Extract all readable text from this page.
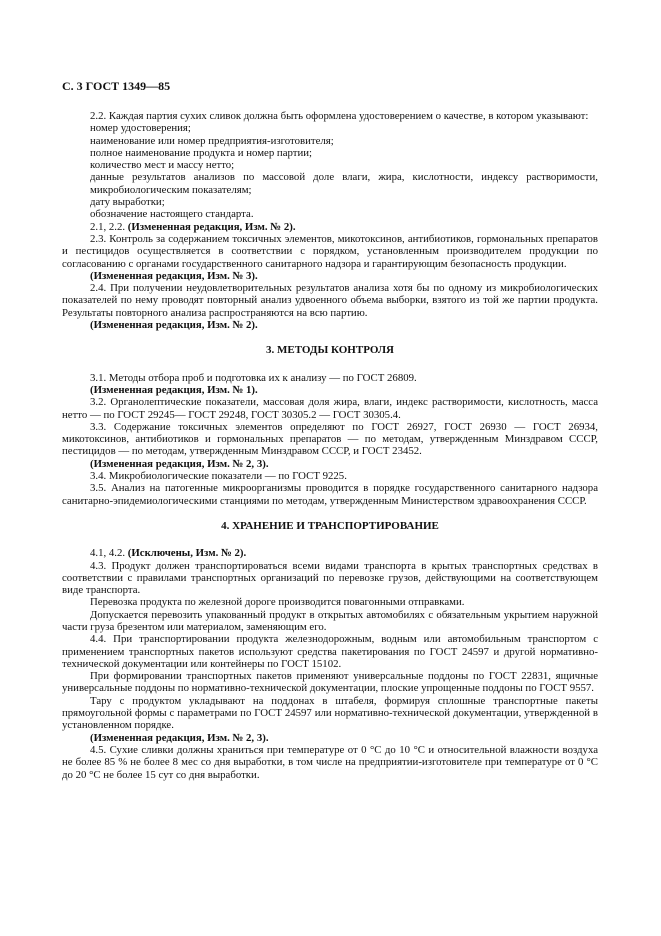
С. 3 ГОСТ 1349—85

2.2. Каждая партия сухих сливок должна быть оформлена удостоверением о качестве, в котором указывают:

номер удостоверения;

наименование или номер предприятия-изготовителя;

полное наименование продукта и номер партии;

количество мест и массу нетто;

данные результатов анализов по массовой доле влаги, жира, кислотности, индексу растворимости, микробиологическим показателям;

дату выработки;

обозначение настоящего стандарта.

2.1, 2.2. (Измененная редакция, Изм. № 2).

2.3. Контроль за содержанием токсичных элементов, микотоксинов, антибиотиков, гормональных препаратов и пестицидов осуществляется в соответствии с порядком, установленным производителем продукции по согласованию с органами государственного санитарного надзора и гарантирующим безопасность продукции.

(Измененная редакция, Изм. № 3).

2.4. При получении неудовлетворительных результатов анализа хотя бы по одному из микробиологических показателей по нему проводят повторный анализ удвоенного объема выборки, взятого из той же партии продукта. Результаты повторного анализа распространяются на всю партию.

(Измененная редакция, Изм. № 2).

3. МЕТОДЫ КОНТРОЛЯ

3.1. Методы отбора проб и подготовка их к анализу — по ГОСТ 26809.

(Измененная редакция, Изм. № 1).

3.2. Органолептические показатели, массовая доля жира, влаги, индекс растворимости, кислотность, масса нетто — по ГОСТ 29245— ГОСТ 29248, ГОСТ 30305.2 — ГОСТ 30305.4.

3.3. Содержание токсичных элементов определяют по ГОСТ 26927, ГОСТ 26930 — ГОСТ 26934, микотоксинов, антибиотиков и гормональных препаратов — по методам, утвержденным Минздравом СССР, пестицидов — по методам, утвержденным Минздравом СССР, и ГОСТ 23452.

(Измененная редакция, Изм. № 2, 3).

3.4. Микробиологические показатели — по ГОСТ 9225.

3.5. Анализ на патогенные микроорганизмы проводится в порядке государственного санитарного надзора санитарно-эпидемиологическими станциями по методам, утвержденным Министерством здравоохранения СССР.

4. ХРАНЕНИЕ И ТРАНСПОРТИРОВАНИЕ

4.1, 4.2. (Исключены, Изм. № 2).

4.3. Продукт должен транспортироваться всеми видами транспорта в крытых транспортных средствах в соответствии с правилами транспортных организаций по перевозке грузов, действующими на соответствующем виде транспорта.

Перевозка продукта по железной дороге производится повагонными отправками.

Допускается перевозить упакованный продукт в открытых автомобилях с обязательным укрытием наружной части груза брезентом или материалом, заменяющим его.

4.4. При транспортировании продукта железнодорожным, водным или автомобильным транспортом с применением транспортных пакетов используют средства пакетирования по ГОСТ 24597 и другой нормативно-технической документации или контейнеры по ГОСТ 15102.

При формировании транспортных пакетов применяют универсальные поддоны по ГОСТ 22831, ящичные универсальные поддоны по нормативно-технической документации, плоские упрощенные поддоны по ГОСТ 9557.

Тару с продуктом укладывают на поддонах в штабеля, формируя сплошные транспортные пакеты прямоугольной формы с параметрами по ГОСТ 24597 или нормативно-технической документации, утвержденной в установленном порядке.

(Измененная редакция, Изм. № 2, 3).

4.5. Сухие сливки должны храниться при температуре от 0 °С до 10 °С и относительной влажности воздуха не более 85 % не более 8 мес со дня выработки, в том числе на предприятии-изготовителе при температуре от 0 °С до 20 °С не более 15 сут со дня выработки.
